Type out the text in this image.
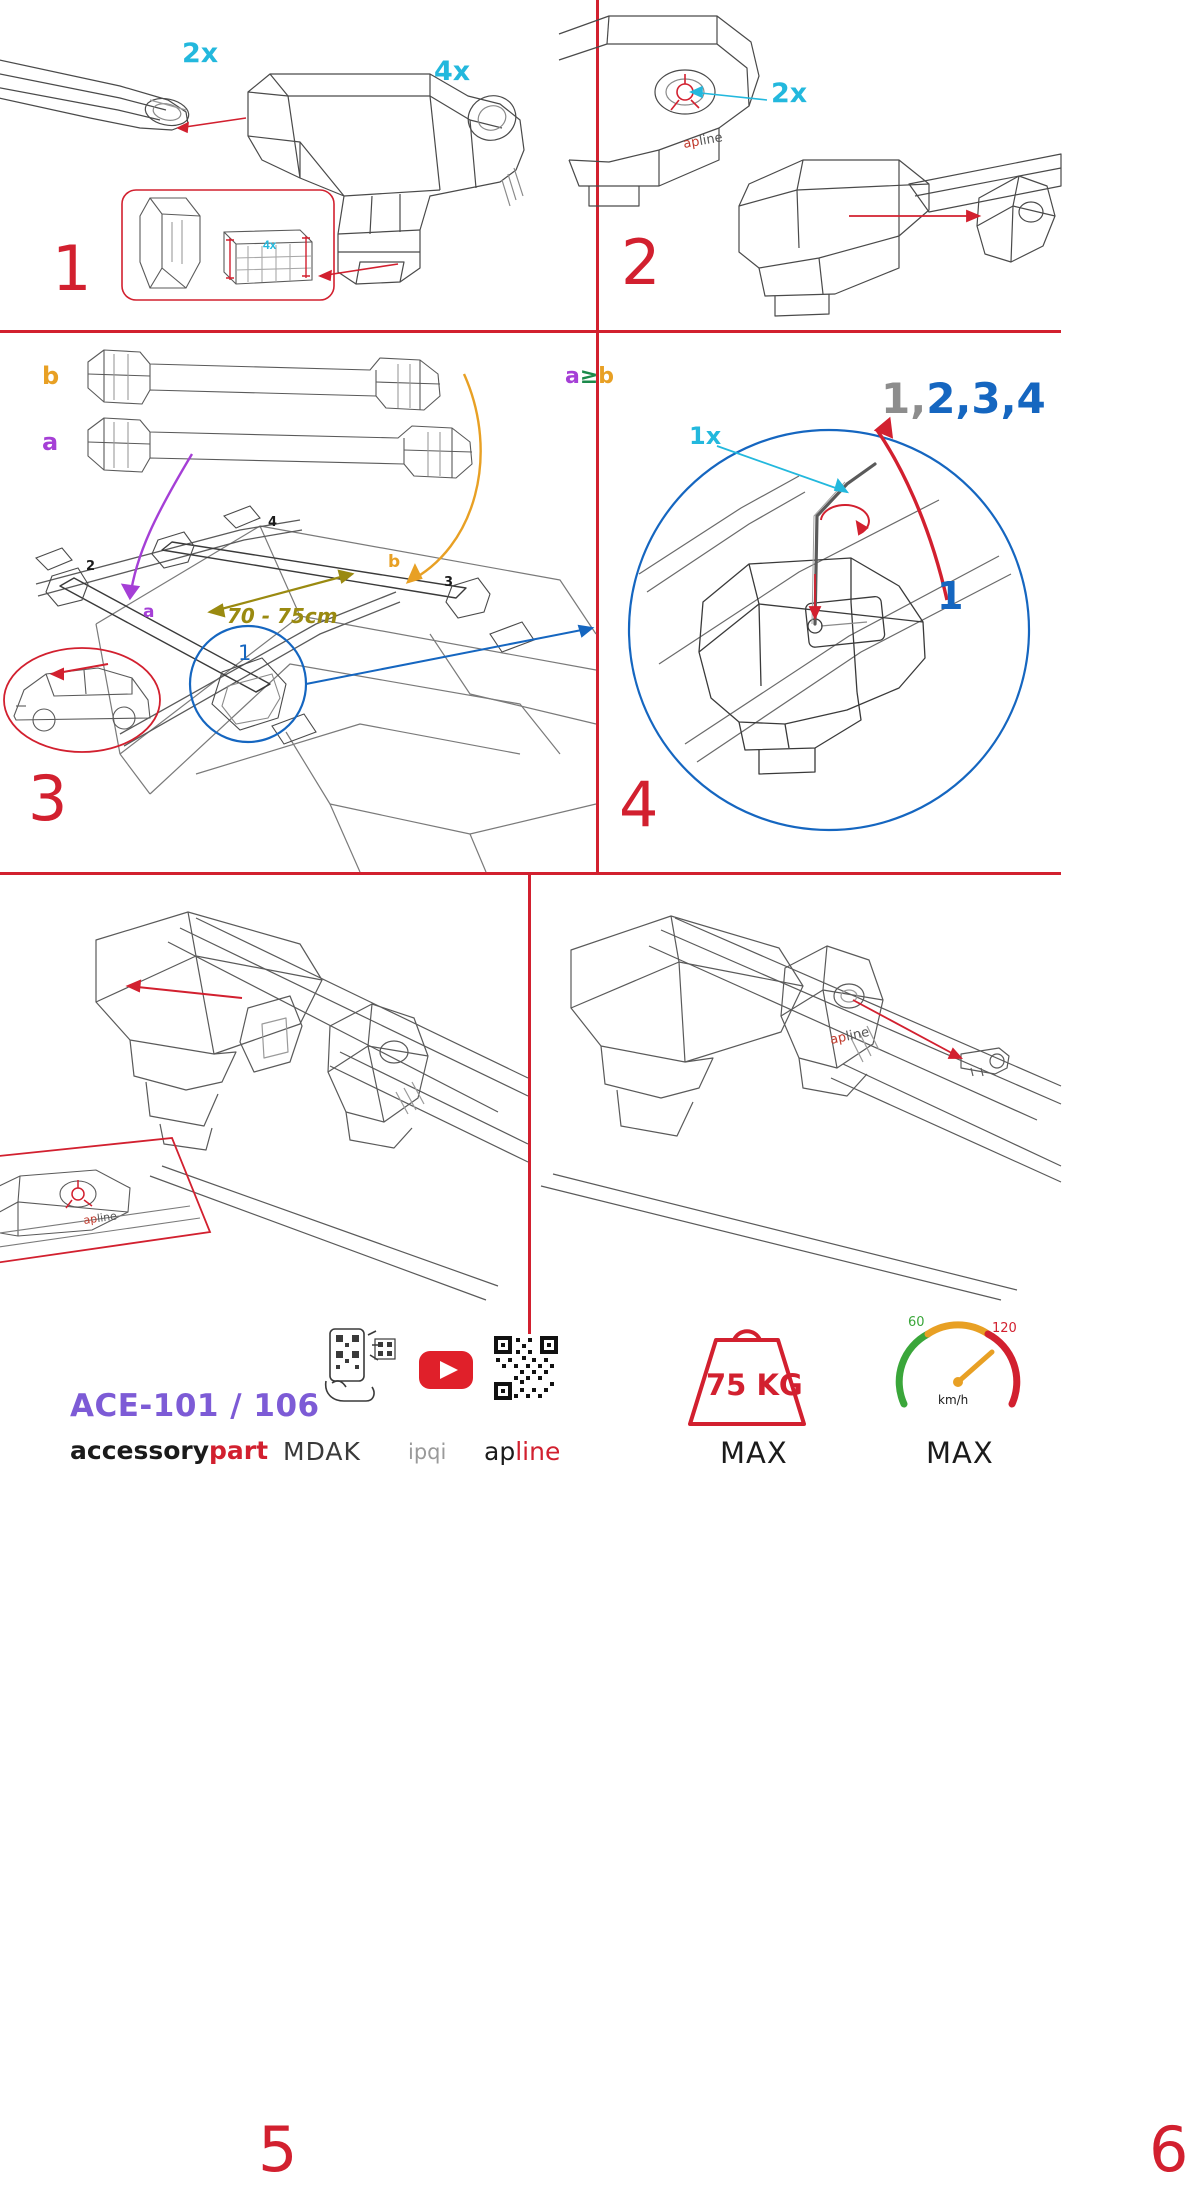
2x
4x
4x
1
apline
2x
2
1
2
4
3
b
a
a
b
70 - 75cm
3
a≥b
1x
1,2,3,4
1
4
apline
5
apline
6
ACE-101 / 106
accessorypart MDAK ipqi apline
75 KG
MAX
60	120
km/h
MAX
